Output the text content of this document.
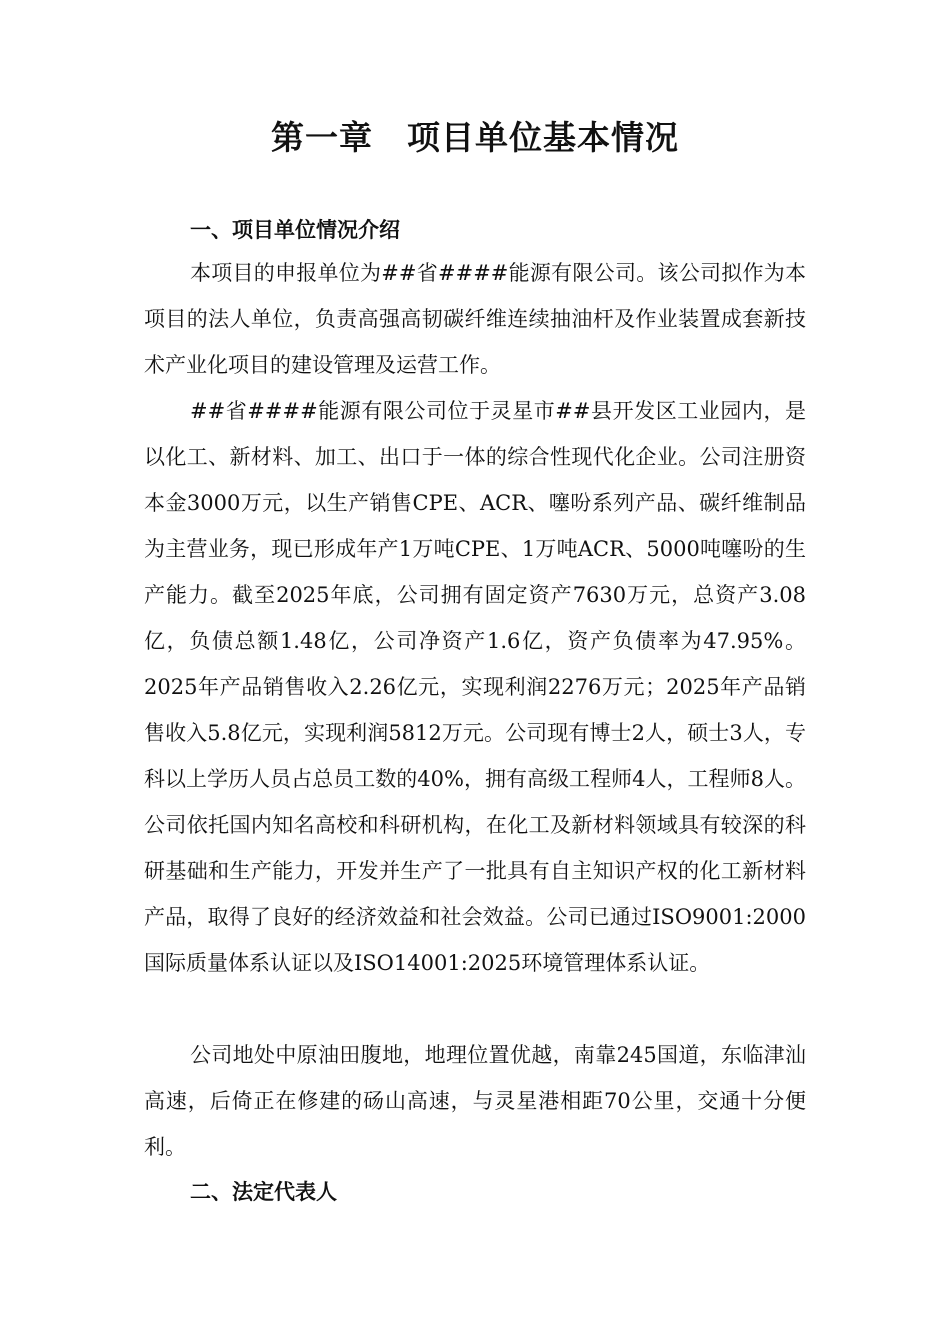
第一章　项目单位基本情况
一、项目单位情况介绍

本项目的申报单位为##省####能源有限公司。该公司拟作为本项目的法人单位，负责高强高韧碳纤维连续抽油杆及作业装置成套新技术产业化项目的建设管理及运营工作。

##省####能源有限公司位于灵星市##县开发区工业园内，是以化工、新材料、加工、出口于一体的综合性现代化企业。公司注册资本金3000万元，以生产销售CPE、ACR、噻吩系列产品、碳纤维制品为主营业务，现已形成年产1万吨CPE、1万吨ACR、5000吨噻吩的生产能力。截至2025年底，公司拥有固定资产7630万元，总资产3.08亿，负债总额1.48亿，公司净资产1.6亿，资产负债率为47.95%。2025年产品销售收入2.26亿元，实现利润2276万元；2025年产品销售收入5.8亿元，实现利润5812万元。公司现有博士2人，硕士3人，专科以上学历人员占总员工数的40%，拥有高级工程师4人，工程师8人。公司依托国内知名高校和科研机构，在化工及新材料领域具有较深的科研基础和生产能力，开发并生产了一批具有自主知识产权的化工新材料产品，取得了良好的经济效益和社会效益。公司已通过ISO9001:2000国际质量体系认证以及ISO14001:2025环境管理体系认证。

公司地处中原油田腹地，地理位置优越，南靠245国道，东临津汕高速，后倚正在修建的砀山高速，与灵星港相距70公里，交通十分便利。

二、法定代表人
